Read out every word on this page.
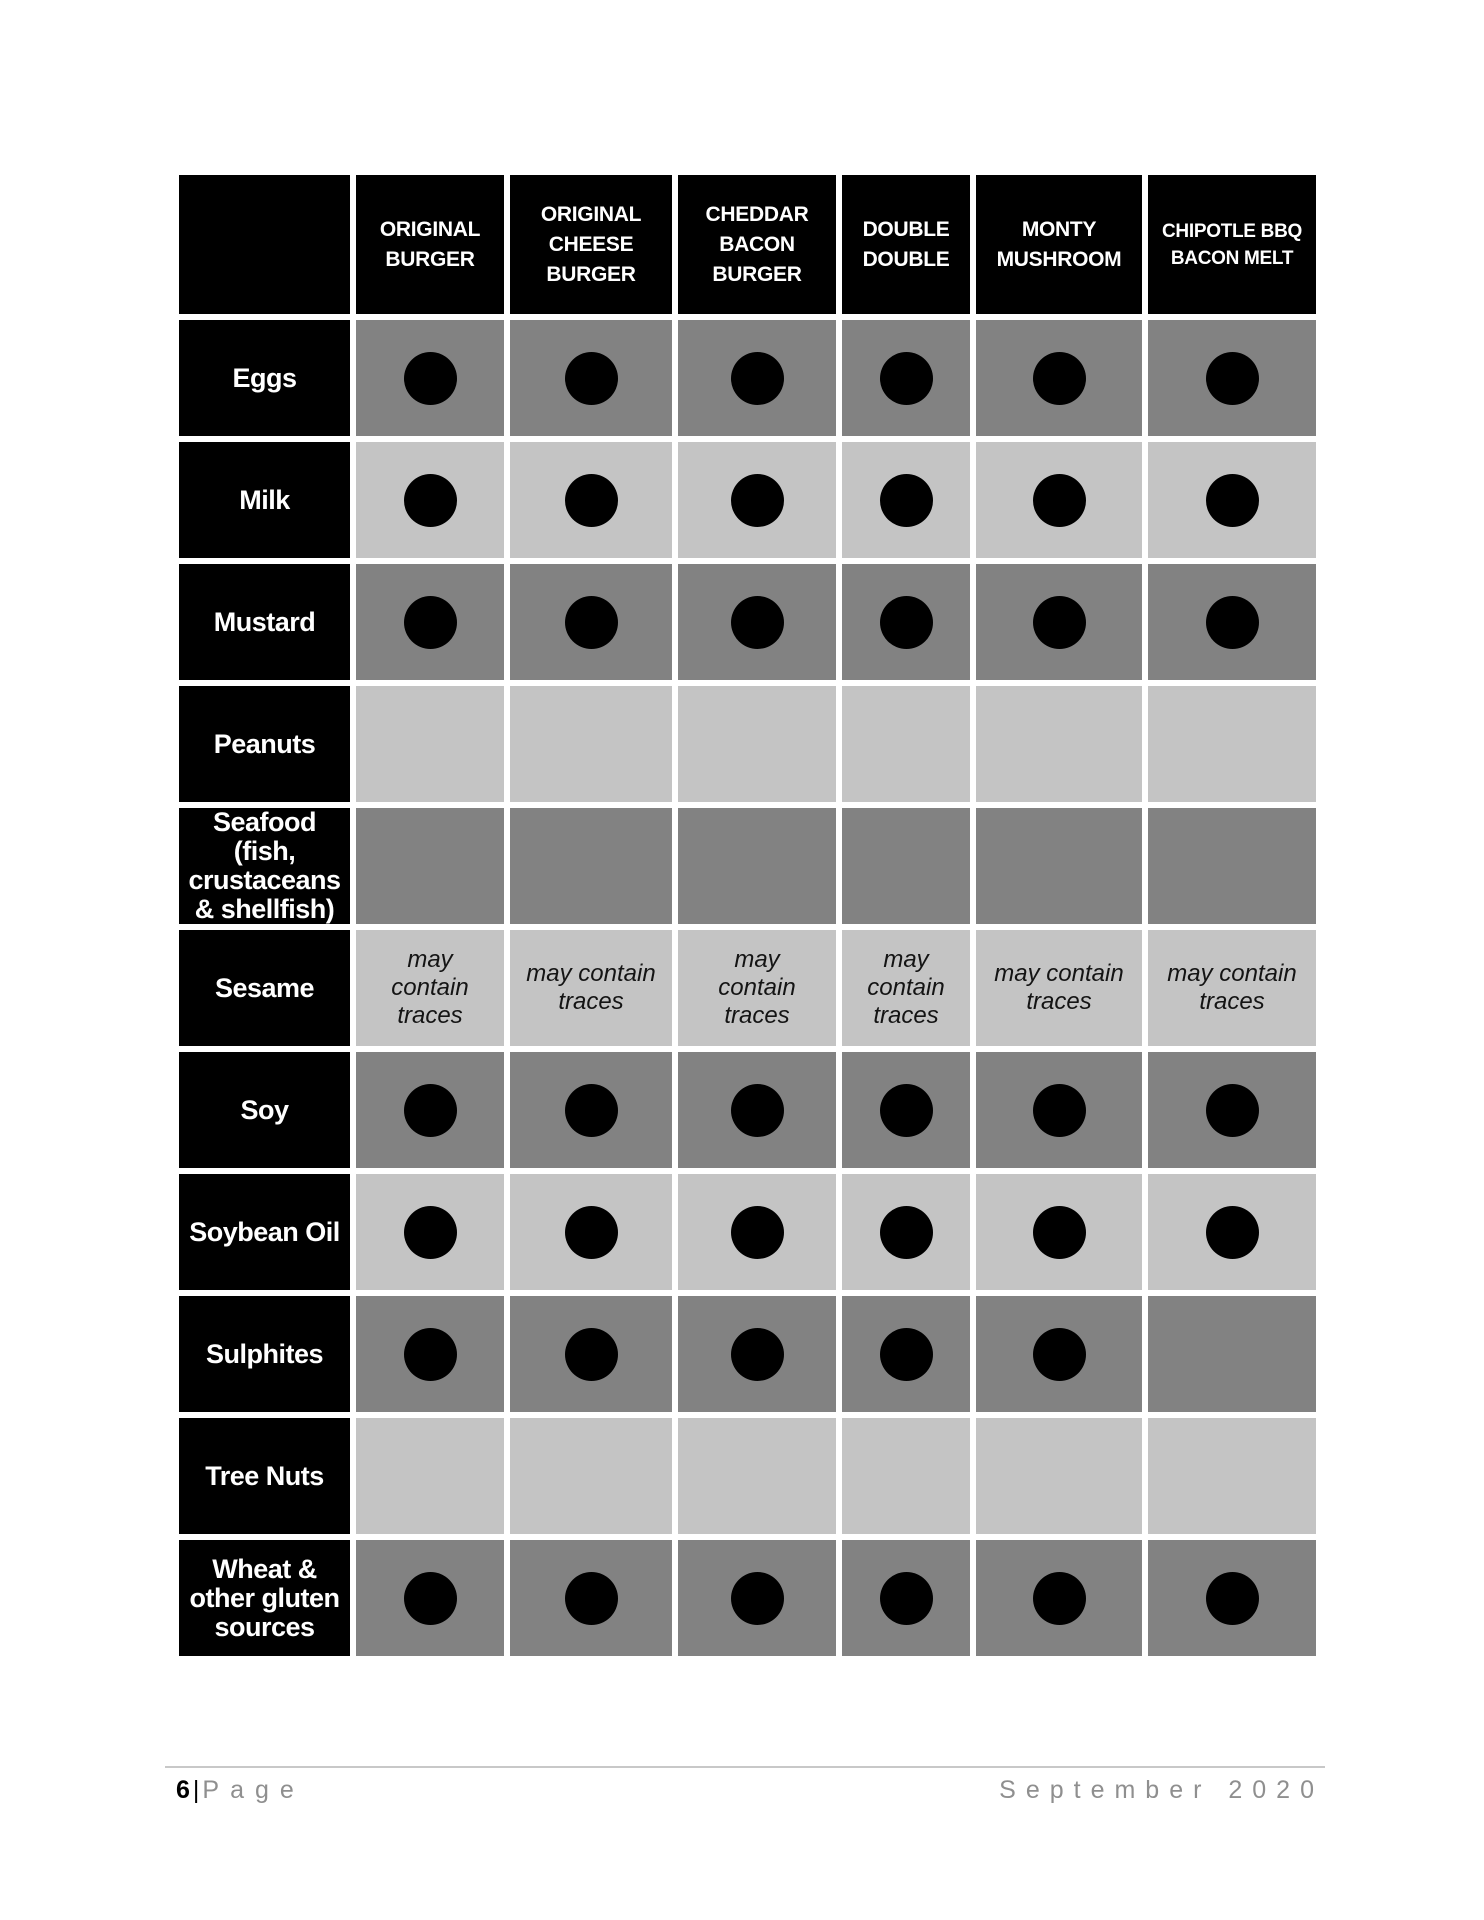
ORIGINAL BURGER
ORIGINAL CHEESE BURGER
CHEDDAR BACON BURGER
DOUBLE DOUBLE
MONTY MUSHROOM
CHIPOTLE BBQ BACON MELT
Eggs
Milk
Mustard
Peanuts
Seafood (fish, crustaceans & shellfish)
Sesame
may contain traces
may contain traces
may contain traces
may contain traces
may contain traces
may contain traces
Soy
Soybean Oil
Sulphites
Tree Nuts
Wheat & other gluten sources
6|Page	September 2020
